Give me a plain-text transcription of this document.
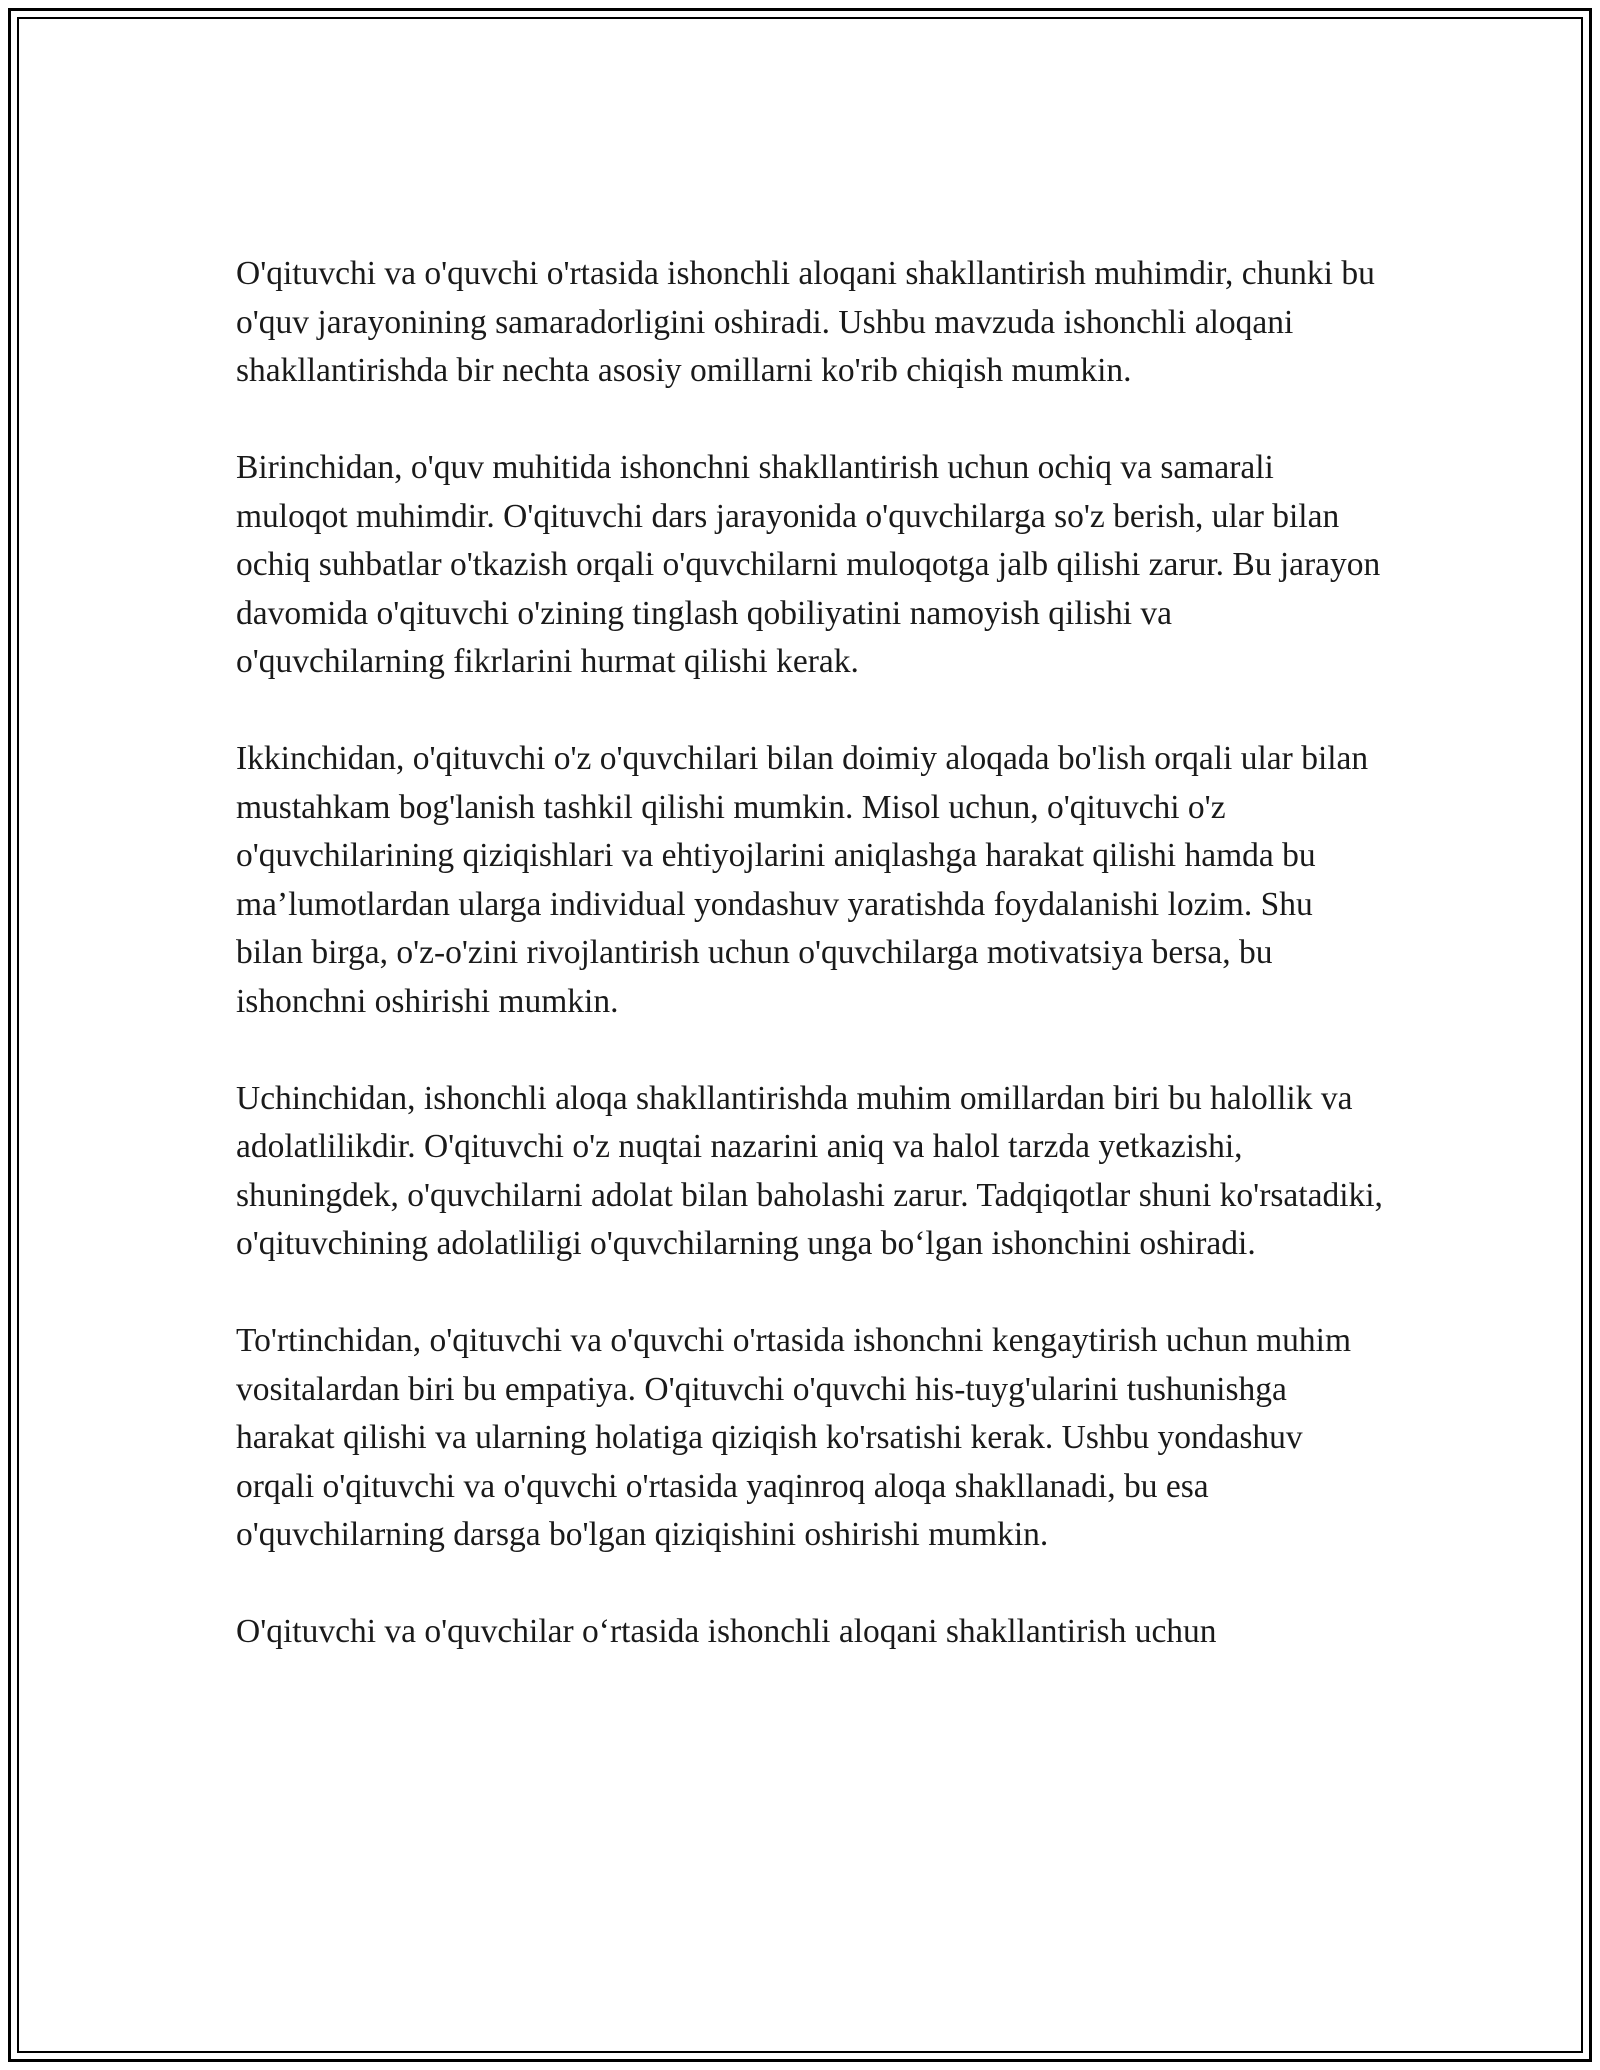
O'qituvchi va o'quvchi o'rtasida ishonchli aloqani shakllantirish muhimdir, chunki bu o'quv jarayonining samaradorligini oshiradi. Ushbu mavzuda ishonchli aloqani shakllantirishda bir nechta asosiy omillarni ko'rib chiqish mumkin.

Birinchidan, o'quv muhitida ishonchni shakllantirish uchun ochiq va samarali muloqot muhimdir. O'qituvchi dars jarayonida o'quvchilarga so'z berish, ular bilan ochiq suhbatlar o'tkazish orqali o'quvchilarni muloqotga jalb qilishi zarur. Bu jarayon davomida o'qituvchi o'zining tinglash qobiliyatini namoyish qilishi va o'quvchilarning fikrlarini hurmat qilishi kerak.

Ikkinchidan, o'qituvchi o'z o'quvchilari bilan doimiy aloqada bo'lish orqali ular bilan mustahkam bog'lanish tashkil qilishi mumkin. Misol uchun, o'qituvchi o'z o'quvchilarining qiziqishlari va ehtiyojlarini aniqlashga harakat qilishi hamda bu ma’lumotlardan ularga individual yondashuv yaratishda foydalanishi lozim. Shu bilan birga, o'z-o'zini rivojlantirish uchun o'quvchilarga motivatsiya bersa, bu ishonchni oshirishi mumkin.

Uchinchidan, ishonchli aloqa shakllantirishda muhim omillardan biri bu halollik va adolatlilikdir. O'qituvchi o'z nuqtai nazarini aniq va halol tarzda yetkazishi, shuningdek, o'quvchilarni adolat bilan baholashi zarur. Tadqiqotlar shuni ko'rsatadiki, o'qituvchining adolatliligi o'quvchilarning unga bo‘lgan ishonchini oshiradi.

To'rtinchidan, o'qituvchi va o'quvchi o'rtasida ishonchni kengaytirish uchun muhim vositalardan biri bu empatiya. O'qituvchi o'quvchi his-tuyg'ularini tushunishga harakat qilishi va ularning holatiga qiziqish ko'rsatishi kerak. Ushbu yondashuv orqali o'qituvchi va o'quvchi o'rtasida yaqinroq aloqa shakllanadi, bu esa o'quvchilarning darsga bo'lgan qiziqishini oshirishi mumkin.

O'qituvchi va o'quvchilar o‘rtasida ishonchli aloqani shakllantirish uchun
